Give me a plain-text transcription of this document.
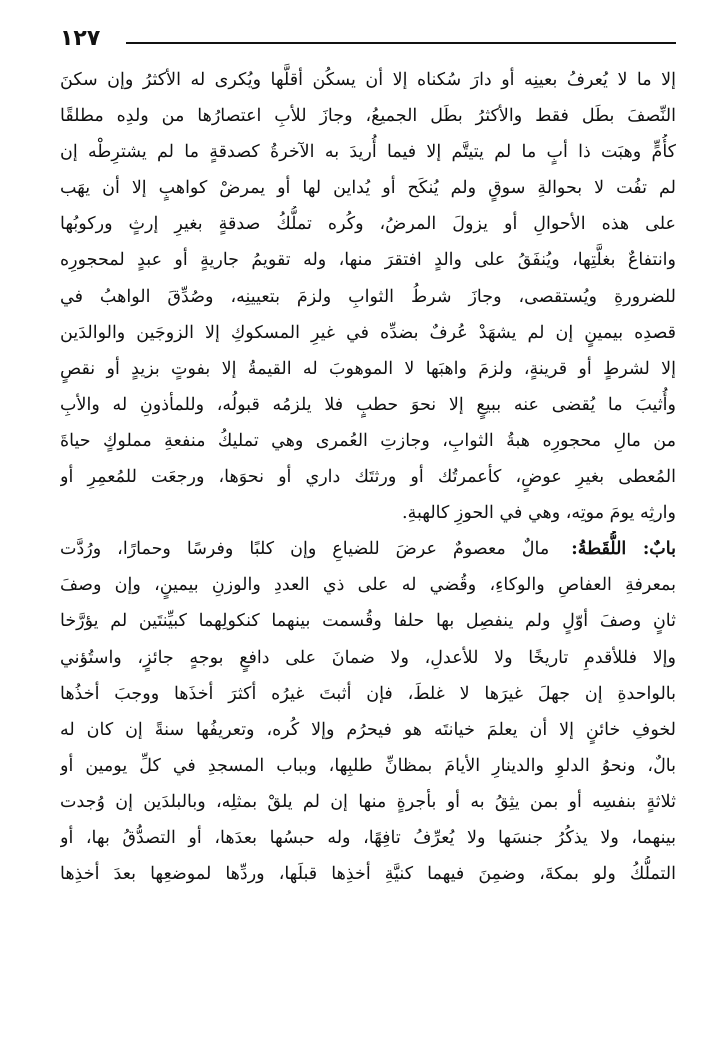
١٢٧
إلا ما لا يُعرفُ بعينِه أو دارَ سُكناه إلا أن يسكُن أقلَّها ويُكرى له الأكثرُ وإن سكنَ
النِّصفَ بطَل فقط والأكثرُ بطَل الجميعُ، وجازَ للأبِ اعتصارُها من ولدِه مطلقًا
كأُمٍّ وهبَت ذا أبٍ ما لم يتيتَّم إلا فيما أُريدَ به الآخرةُ كصدقةٍ ما لم يشترِطْه إن
لم تفُت لا بحوالةِ سوقٍ ولم يُنكَح أو يُداين لها أو يمرضْ كواهبٍ إلا أن يهَب
على هذه الأحوالِ أو يزولَ المرضُ، وكُره تملُّكُ صدقةٍ بغيرِ إرثٍ وركوبُها
وانتفاعٌ بغلَّتِها، ويُنفَقُ على والدٍ افتقرَ منها، وله تقويمُ جاريةٍ أو عبدٍ لمحجورِه
للضرورةِ ويُستقصى، وجازَ شرطُ الثوابِ ولزمَ بتعيينِه، وصُدِّقَ الواهبُ في
قصدِه بيمينٍ إن لم يشهَدْ عُرفٌ بضدِّه في غيرِ المسكوكِ إلا الزوجَين والوالدَين
إلا لشرطٍ أو قرينةٍ، ولزمَ واهبَها لا الموهوبَ له القيمةُ إلا بفوتٍ بزيدٍ أو نقصٍ
وأُثيبَ ما يُقضى عنه ببيعٍ إلا نحوَ حطبٍ فلا يلزمُه قبولُه، وللمأذونِ له والأبِ
من مالِ محجورِه هبةُ الثوابِ، وجازتِ العُمرى وهي تمليكُ منفعةِ مملوكٍ حياةَ
المُعطى بغيرِ عوضٍ، كأعمرتُك أو ورثتَك داري أو نحوَها، ورجعَت للمُعمِرِ أو
وارثِه يومَ موتِه، وهي في الحوزِ كالهبةِ.
بابٌ: اللُّقَطةُ: مالٌ معصومٌ عرضَ للضياعِ وإن كلبًا وفرسًا وحمارًا، ورُدَّت
بمعرفةِ العفاصِ والوكاءِ، وقُضي له على ذي العددِ والوزنِ بيمينٍ، وإن وصفَ
ثانٍ وصفَ أوّلٍ ولم ينفصِل بها حلفا وقُسمت بينهما كنكولِهما كبيِّنتَين لم يؤرَّخا
وإلا فللأقدمِ تاريخًا ولا للأعدلِ، ولا ضمانَ على دافعٍ بوجهٍ جائزٍ، واستُؤني
بالواحدةِ إن جهلَ غيرَها لا غلطَ، فإن أثبتَ غيرُه أكثرَ أخذَها ووجبَ أخذُها
لخوفِ خائنٍ إلا أن يعلمَ خيانتَه هو فيحرُم وإلا كُره، وتعريفُها سنةً إن كان له
بالٌ، ونحوُ الدلوِ والدينارِ الأيامَ بمظانِّ طلبِها، وبباب المسجدِ في كلِّ يومين أو
ثلاثةٍ بنفسِه أو بمن يثِقُ به أو بأجرةٍ منها إن لم يلقْ بمثلِه، وبالبلدَين إن وُجدت
بينهما، ولا يذكُرُ جنسَها ولا يُعرِّفُ تافِهًا، وله حبسُها بعدَها، أو التصدُّقُ بها، أو
التملُّكُ ولو بمكةَ، وضمِنَ فيهما كنيَّةِ أخذِها قبلَها، وردِّها لموضعِها بعدَ أخذِها
